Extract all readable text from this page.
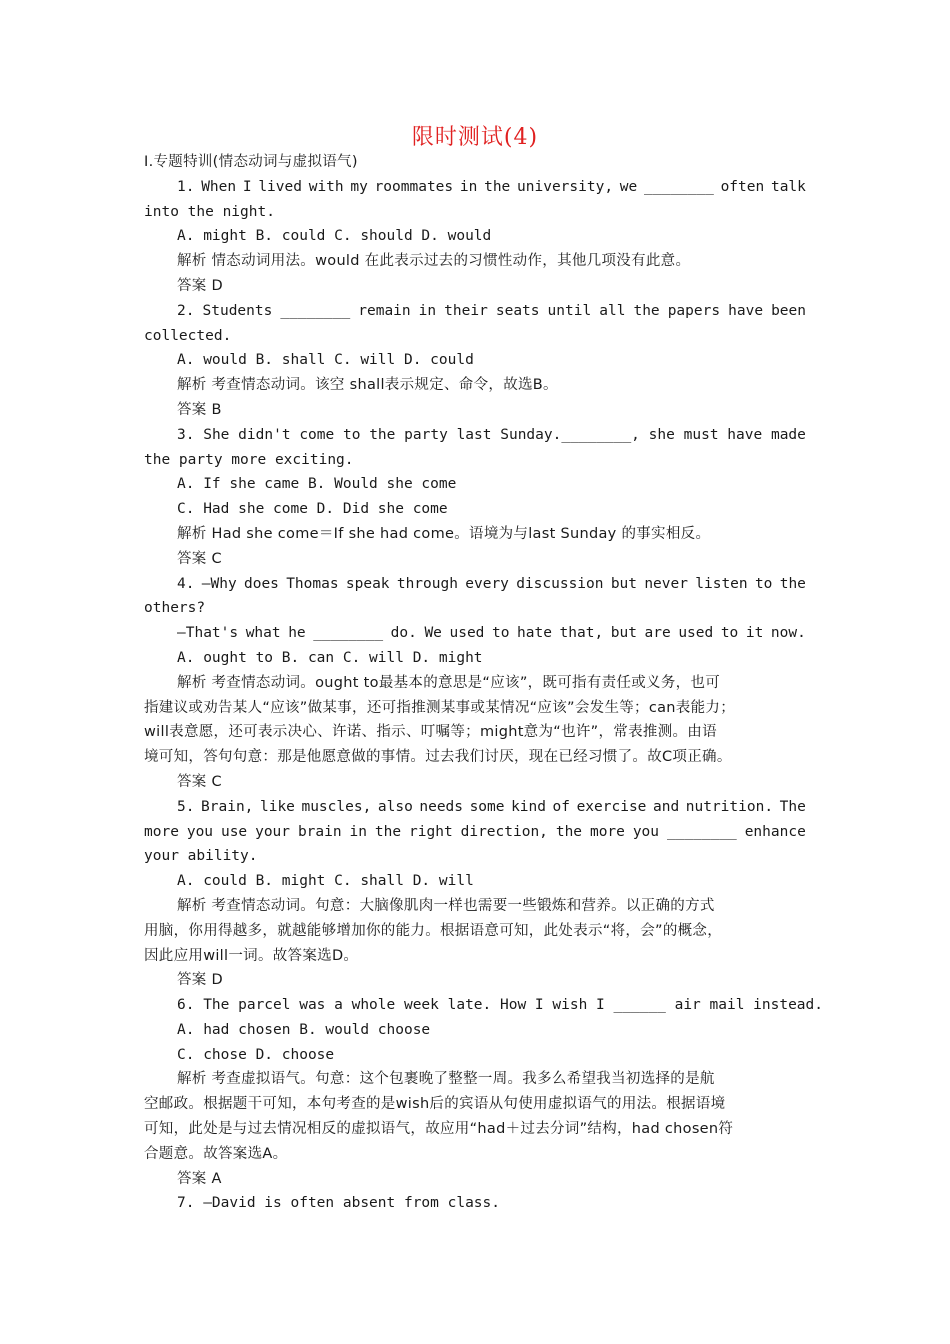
限时测试(4)
Ⅰ.专题特训(情态动词与虚拟语气)
1. When I lived with my roommates in the university, we ________ often talk
into the night.
A. might B. could C. should D. would
解析 情态动词用法。would 在此表示过去的习惯性动作，其他几项没有此意。
答案 D
2. Students ________ remain in their seats until all the papers have been
collected.
A. would B. shall C. will D. could
解析 考查情态动词。该空 shall表示规定、命令，故选B。
答案 B
3. She didn't come to the party last Sunday.________, she must have made
the party more exciting.
A. If she came B. Would she come
C. Had she come D. Did she come
解析 Had she come＝If she had come。语境为与last Sunday 的事实相反。
答案 C
4. —Why does Thomas speak through every discussion but never listen to the
others?
—That's what he ________ do. We used to hate that, but are used to it now.
A. ought to B. can C. will D. might
解析 考查情态动词。ought to最基本的意思是“应该”，既可指有责任或义务，也可
指建议或劝告某人“应该”做某事，还可指推测某事或某情况“应该”会发生等；can表能力；
will表意愿，还可表示决心、许诺、指示、叮嘱等；might意为“也许”，常表推测。由语
境可知，答句句意：那是他愿意做的事情。过去我们讨厌，现在已经习惯了。故C项正确。
答案 C
5. Brain, like muscles, also needs some kind of exercise and nutrition. The
more you use your brain in the right direction, the more you ________ enhance
your ability.
A. could B. might C. shall D. will
解析 考查情态动词。句意：大脑像肌肉一样也需要一些锻炼和营养。以正确的方式
用脑，你用得越多，就越能够增加你的能力。根据语意可知，此处表示“将，会”的概念，
因此应用will一词。故答案选D。
答案 D
6. The parcel was a whole week late. How I wish I ______ air mail instead.
A. had chosen B. would choose
C. chose D. choose
解析 考查虚拟语气。句意：这个包裹晚了整整一周。我多么希望我当初选择的是航
空邮政。根据题干可知，本句考查的是wish后的宾语从句使用虚拟语气的用法。根据语境
可知，此处是与过去情况相反的虚拟语气，故应用“had＋过去分词”结构，had chosen符
合题意。故答案选A。
答案 A
7. —David is often absent from class.
